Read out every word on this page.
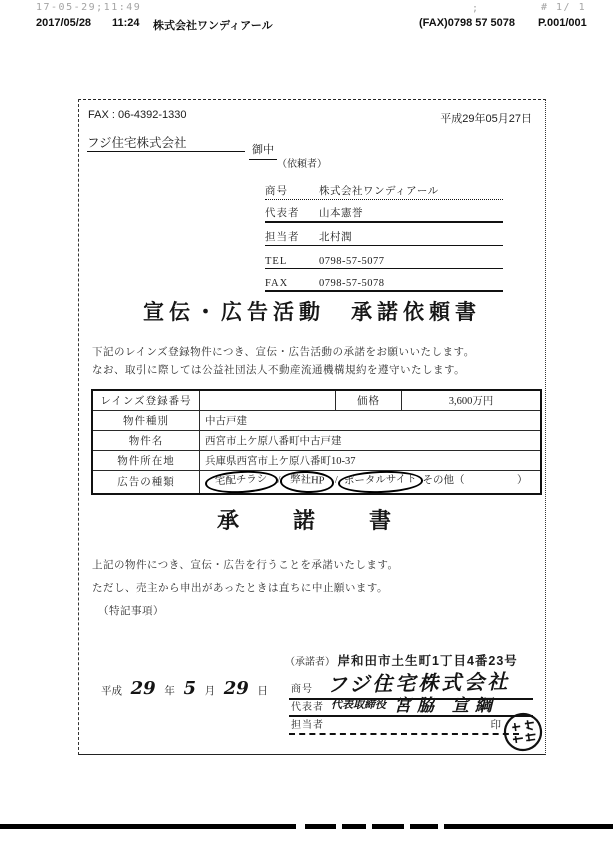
17-05-29;11:49	;	# 1/ 1
2017/05/28 11:24 株式会社ワンディアール	(FAX)0798 57 5078 P.001/001
FAX : 06-4392-1330	平成29年05月27日
フジ住宅株式会社	御中
（依頼者）
商号	株式会社ワンディアール
代表者	山本憲誉
担当者	北村潤
TEL	0798-57-5077
FAX	0798-57-5078
宣伝・広告活動　承諾依頼書
下記のレインズ登録物件につき、宣伝・広告活動の承諾をお願いいたします。
なお、取引に際しては公益社団法人不動産流通機構規約を遵守いたします。
レインズ登録番号		価格	3,600万円
物件種別	中古戸建		
物件名	西宮市上ケ原八番町中古戸建		
物件所在地	兵庫県西宮市上ケ原八番町10-37		
広告の種類	宅配チラシ / 弊社HP / ポータルサイト その他（　　　　　）		
承　諾　書
上記の物件につき、宣伝・広告を行うことを承諾いたします。
ただし、売主から申出があったときは直ちに中止願います。
（特記事項）
平成 29 年 5 月 29 日
（承諾者） 岸和田市土生町1丁目4番23号
商号 フジ住宅株式会社
代表者 代表取締役 宮脇 宣綱
担当者	印
